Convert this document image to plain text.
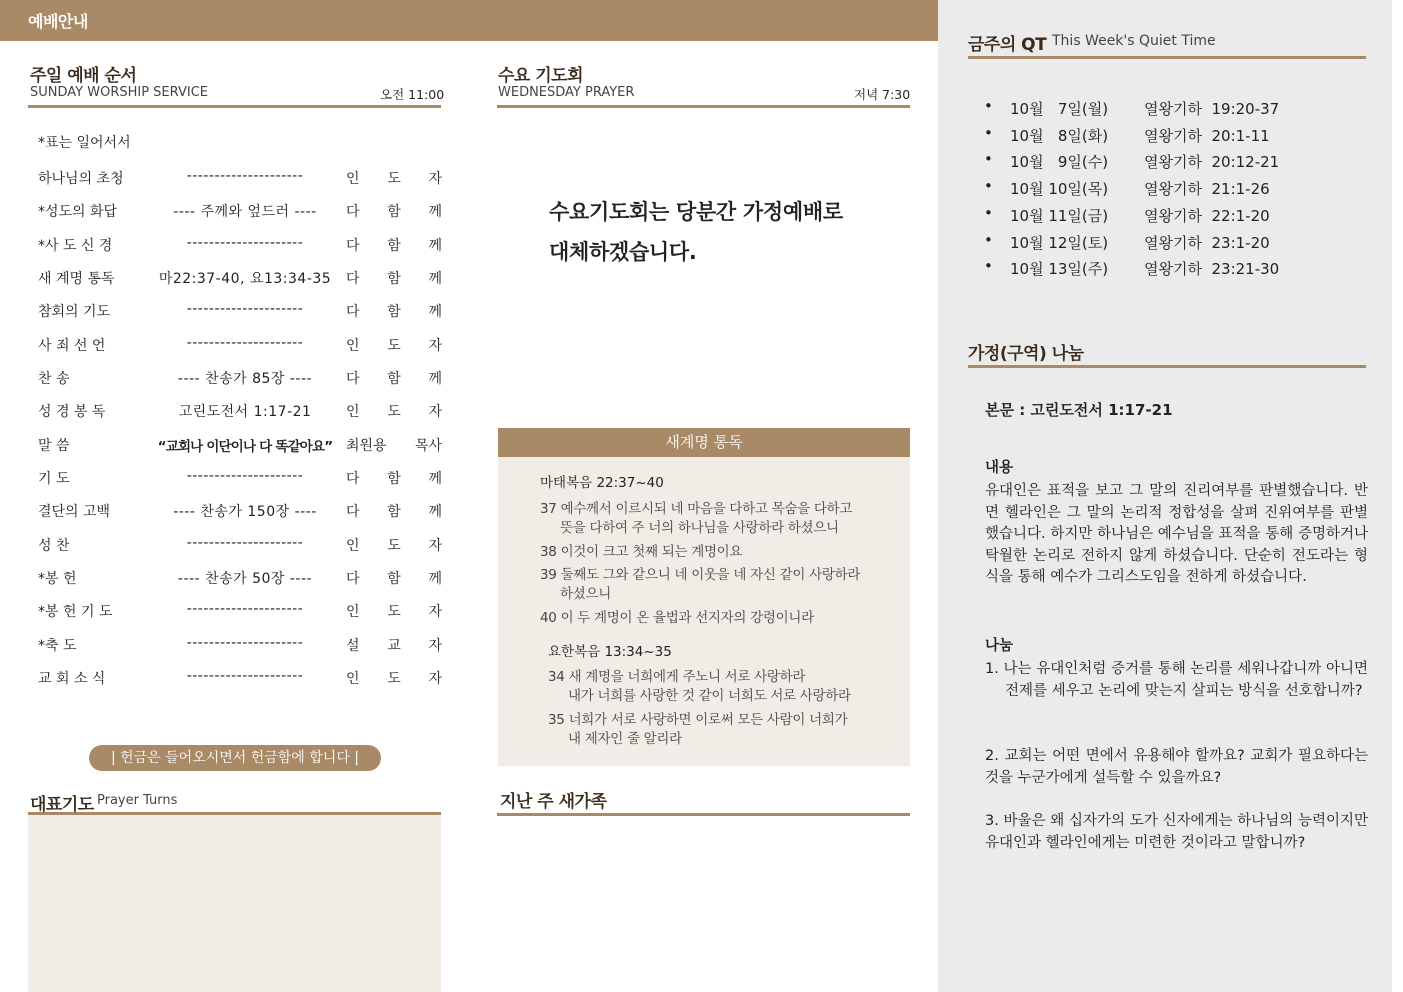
예배안내
주일 예배 순서
SUNDAY WORSHIP SERVICE	오전 11:00
*표는 일어서서
하나님의 초청	---------------------	인 도 자
*성도의 화답	---- 주께와 엎드러 ----	다 함 께
*사 도 신 경	---------------------	다 함 께
새 계명 통독	마22:37-40, 요13:34-35 다 함 께
참회의 기도	---------------------	다 함 께
사 죄 선 언	---------------------	인 도 자
찬 송	---- 찬송가 85장 ----	다 함 께
성 경 봉 독	고린도전서 1:17-21	인 도 자
말 씀	“교회나 이단이나 다 똑같아요” 최원용 목사
기 도	---------------------	다 함 께
결단의 고백	---- 찬송가 150장 ----	다 함 께
성 찬	---------------------	인 도 자
*봉 헌	---- 찬송가 50장 ----	다 함 께
*봉 헌 기 도	---------------------	인 도 자
*축 도	---------------------	설 교 자
교 회 소 식	---------------------	인 도 자
| 헌금은 들어오시면서 헌금함에 합니다 |
대표기도 Prayer Turns
수요 기도회
WEDNESDAY PRAYER	저녁 7:30
수요기도회는 당분간 가정예배로
대체하겠습니다.
새계명 통독
마태복음 22:37~40
37 예수께서 이르시되 네 마음을 다하고 목숨을 다하고
뜻을 다하여 주 너의 하나님을 사랑하라 하셨으니
38 이것이 크고 첫째 되는 계명이요
39 둘째도 그와 같으니 네 이웃을 네 자신 같이 사랑하라
하셨으니
40 이 두 계명이 온 율법과 선지자의 강령이니라
요한복음 13:34~35
34 새 계명을 너희에게 주노니 서로 사랑하라
내가 너희를 사랑한 것 같이 너희도 서로 사랑하라
35 너희가 서로 사랑하면 이로써 모든 사람이 너희가
내 제자인 줄 알리라
지난 주 새가족
금주의 QT This Week's Quiet Time
• 10월   7일(월) 열왕기하  19:20-37
• 10월   8일(화) 열왕기하  20:1-11
• 10월   9일(수) 열왕기하  20:12-21
• 10월 10일(목) 열왕기하  21:1-26
• 10월 11일(금) 열왕기하  22:1-20
• 10월 12일(토) 열왕기하  23:1-20
• 10월 13일(주) 열왕기하  23:21-30
가정(구역) 나눔
본문 : 고린도전서 1:17-21
내용
유대인은 표적을 보고 그 말의 진리여부를 판별했습니다. 반면 헬라인은 그 말의 논리적 정합성을 살펴 진위여부를 판별했습니다. 하지만 하나님은 예수님을 표적을 통해 증명하거나 탁월한 논리로 전하지 않게 하셨습니다. 단순히 전도라는 형식을 통해 예수가 그리스도임을 전하게 하셨습니다.
나눔
1. 나는 유대인처럼 증거를 통해 논리를 세워나갑니까 아니면 전제를 세우고 논리에 맞는지 살피는 방식을 선호합니까?
2. 교회는 어떤 면에서 유용해야 할까요? 교회가 필요하다는 것을 누군가에게 설득할 수 있을까요?
3. 바울은 왜 십자가의 도가 신자에게는 하나님의 능력이지만 유대인과 헬라인에게는 미련한 것이라고 말합니까?
